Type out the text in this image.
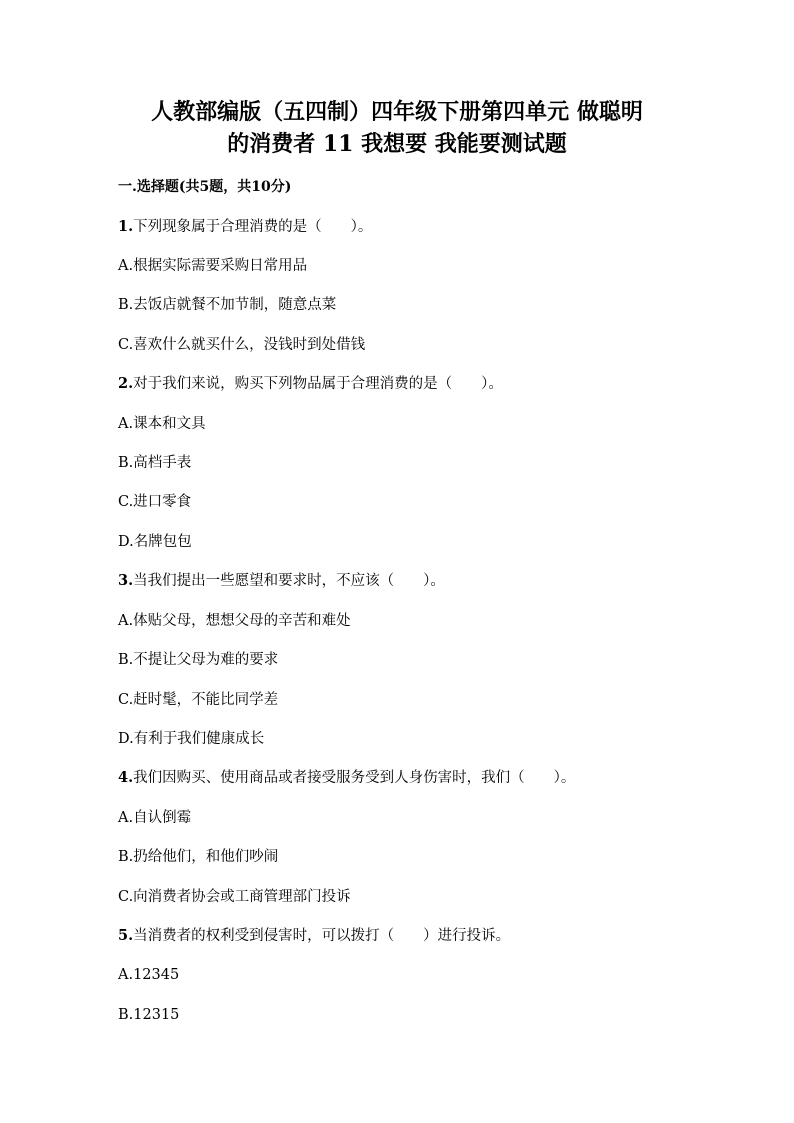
人教部编版（五四制）四年级下册第四单元 做聪明
的消费者 11 我想要 我能要测试题
一.选择题(共5题，共10分)
1.下列现象属于合理消费的是（　　）。
A.根据实际需要采购日常用品
B.去饭店就餐不加节制，随意点菜
C.喜欢什么就买什么，没钱时到处借钱
2.对于我们来说，购买下列物品属于合理消费的是（　　）。
A.课本和文具
B.高档手表
C.进口零食
D.名牌包包
3.当我们提出一些愿望和要求时，不应该（　　）。
A.体贴父母，想想父母的辛苦和难处
B.不提让父母为难的要求
C.赶时髦，不能比同学差
D.有利于我们健康成长
4.我们因购买、使用商品或者接受服务受到人身伤害时，我们（　　）。
A.自认倒霉
B.扔给他们，和他们吵闹
C.向消费者协会或工商管理部门投诉
5.当消费者的权利受到侵害时，可以拨打（　　）进行投诉。
A.12345
B.12315
